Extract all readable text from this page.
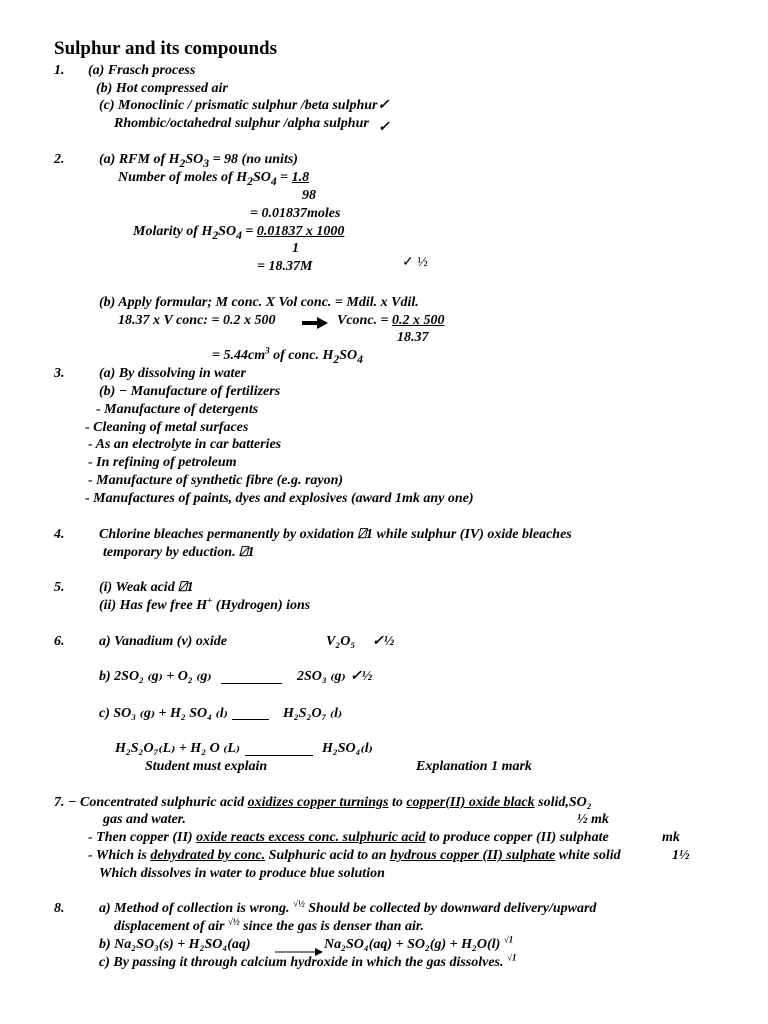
Sulphur and its compounds
1. (a) Frasch process
(b) Hot compressed air
(c) Monoclinic / prismatic sulphur /beta sulphur✓
Rhombic/octahedral sulphur /alpha sulphur ✓
2. (a) RFM of $H_2SO_3 = 98$ (no units)
Number of moles of $H_2SO_4 = 1.8$
98
= 0.01837moles
Molarity of $H_2SO_4 = 0.01837$ x 1000
1
= 18.37M	✓ ½
(b) Apply formular; M conc. X Vol conc. = Mdil. x Vdil.
18.37 x V conc: = 0.2 x 500	Vconc. = 0.2 x 500
18.37
= $5.44cm^3$ of conc. $H_2SO_4$
3. (a) By dissolving in water
(b) − Manufacture of fertilizers
- Manufacture of detergents
- Cleaning of metal surfaces
- As an electrolyte in car batteries
- In refining of petroleum
- Manufacture of synthetic fibre (e.g. rayon)
- Manufactures of paints, dyes and explosives (award 1mk any one)
4. Chlorine bleaches permanently by oxidation ⍁1 while sulphur (IV) oxide bleaches
temporary by eduction. ⍁1
5. (i) Weak acid ⍁1
(ii) Has few free H+ (Hydrogen) ions
6. a) Vanadium (v) oxide	V₂O₅ ✓½
b) 2SO₂ ₍g₎ + O₂ ₍g₎	2SO₃ ₍g₎ ✓½
c) SO₃ ₍g₎ + H₂ SO₄ ₍l₎	H₂S₂O₇ ₍l₎
H₂S₂O₇₍L₎ + H₂ O ₍L₎	H₂SO₄₍l₎
Student must explain	Explanation 1 mark
7. − Concentrated sulphuric acid oxidizes copper turnings to copper(II) oxide black solid,SO₂
gas and water.	½ mk
- Then copper (II) oxide reacts excess conc. sulphuric acid to produce copper (II) sulphate	mk
- Which is dehydrated by conc. Sulphuric acid to an hydrous copper (II) sulphate white solid	1½
Which dissolves in water to produce blue solution
8. a) Method of collection is wrong. $^{√\frac{1}{2}}$ Should be collected by downward delivery/upward
displacement of air $^{√\frac{1}{2}}$ since the gas is denser than air.
b) Na₂SO₃(s) + H₂SO₄(aq) → Na₂SO₄(aq) + SO₂(g) + H₂O(l) $^{√1}$
c) By passing it through calcium hydroxide in which the gas dissolves. $^{√1}$
